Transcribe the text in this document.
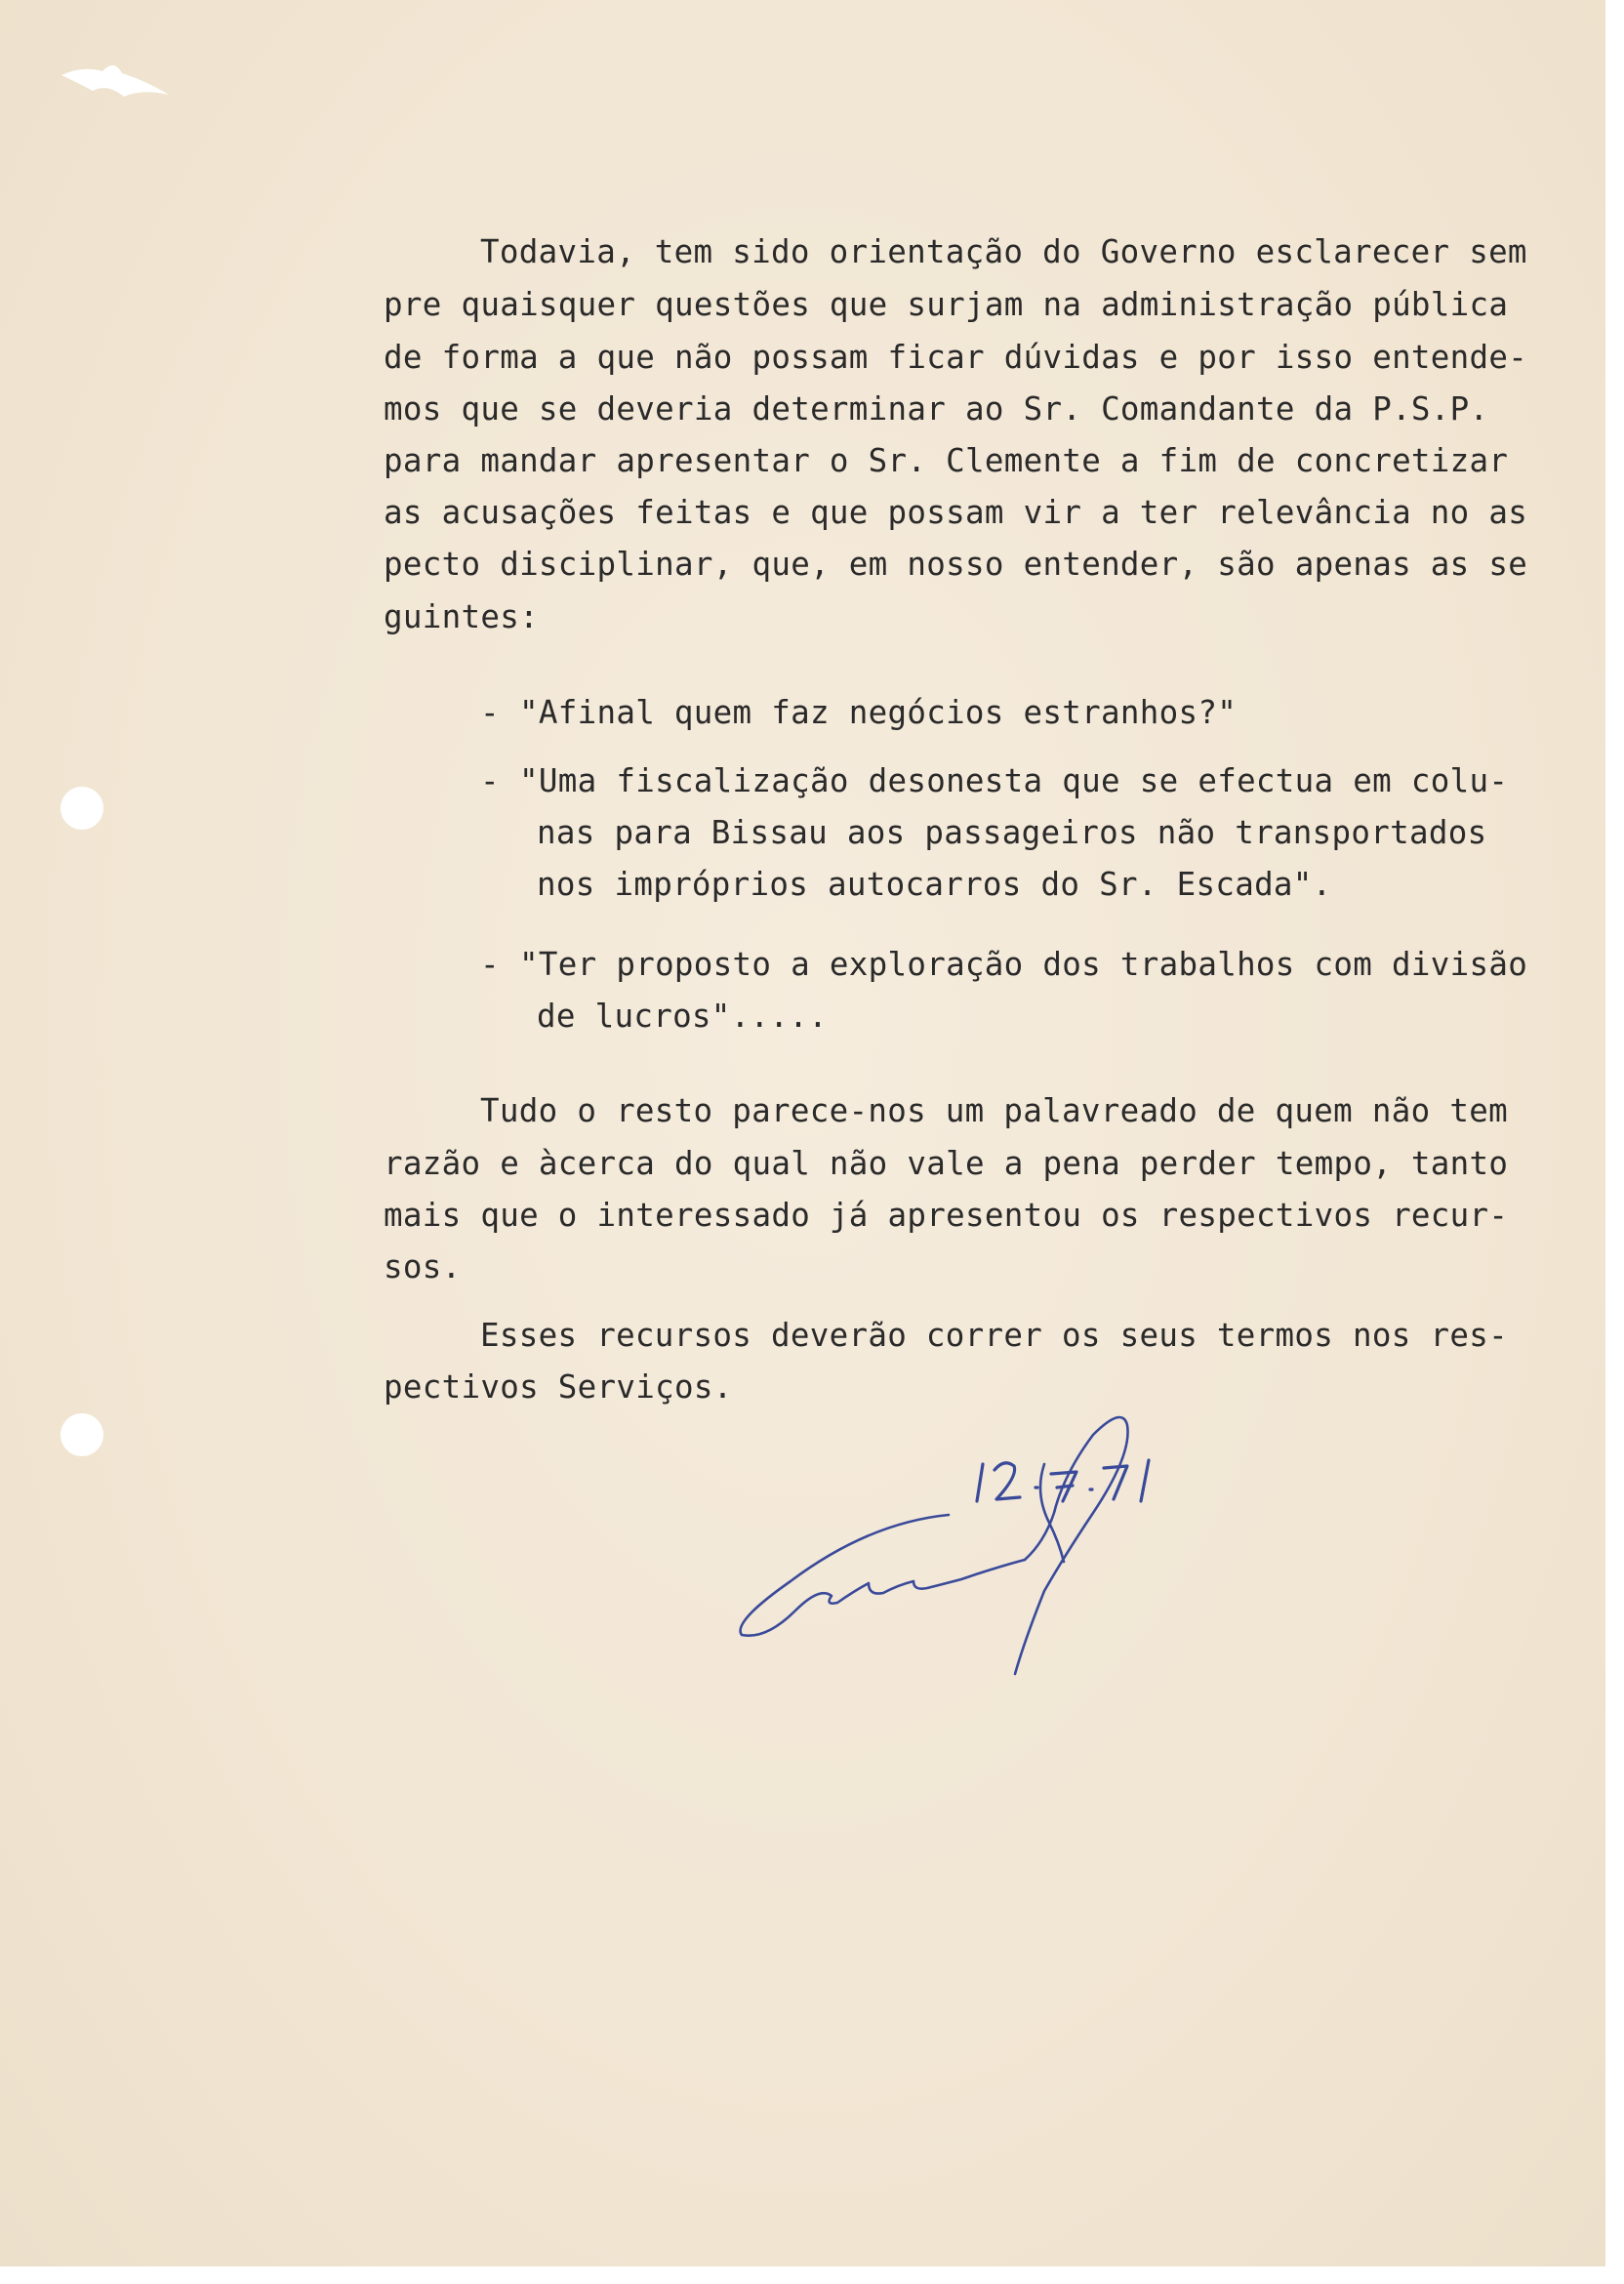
Todavia, tem sido orientação do Governo esclarecer sem

pre quaisquer questões que surjam na administração pública

de forma a que não possam ficar dúvidas e por isso entende-

mos que se deveria determinar ao Sr. Comandante da P.S.P.

para mandar apresentar o Sr. Clemente a fim de concretizar

as acusações feitas e que possam vir a ter relevância no as

pecto disciplinar, que, em nosso entender, são apenas as se

guintes:

- "Afinal quem faz negócios estranhos?"

- "Uma fiscalização desonesta que se efectua em colu-

nas para Bissau aos passageiros não transportados

nos impróprios autocarros do Sr. Escada".

- "Ter proposto a exploração dos trabalhos com divisão

de lucros".....

Tudo o resto parece-nos um palavreado de quem não tem

razão e àcerca do qual não vale a pena perder tempo, tanto

mais que o interessado já apresentou os respectivos recur-

sos.

Esses recursos deverão correr os seus termos nos res-

pectivos Serviços.
